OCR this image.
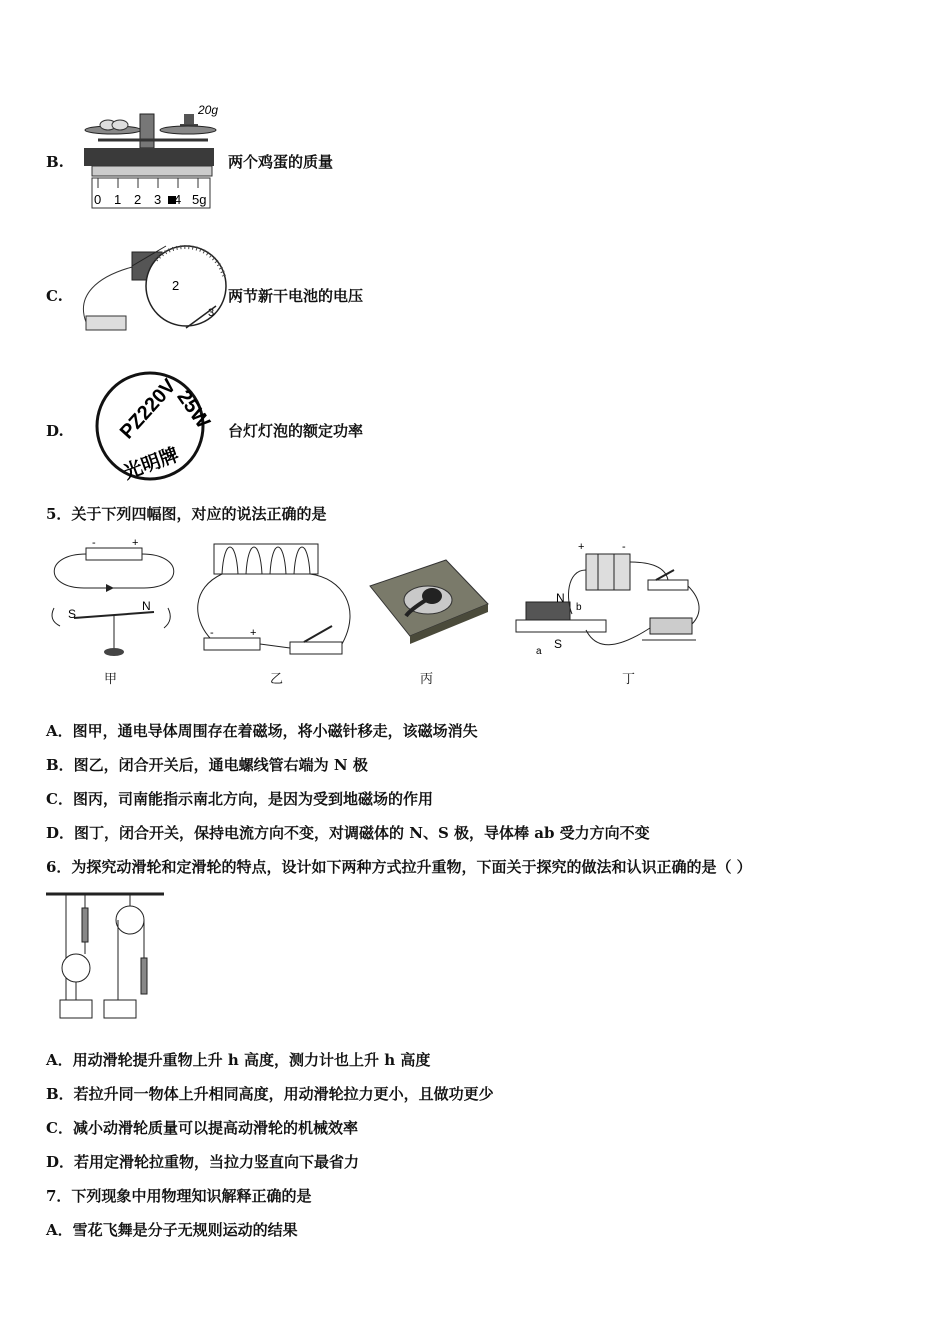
B.
20g
0 1 2 3 4 5g
两个鸡蛋的质量
C.
2
3
两节新干电池的电压
D.	PZ220V
25W
光明牌
台灯灯泡的额定功率
5．关于下列四幅图，对应的说法正确的是
-	+
S
N
甲
-	+
乙	丙
+	-
N
S
a
b
丁
A．图甲，通电导体周围存在着磁场，将小磁针移走，该磁场消失
B．图乙，闭合开关后，通电螺线管右端为 N 极
C．图丙，司南能指示南北方向，是因为受到地磁场的作用
D．图丁，闭合开关，保持电流方向不变，对调磁体的 N、S 极，导体棒 ab 受力方向不变
6．为探究动滑轮和定滑轮的特点，设计如下两种方式拉升重物，下面关于探究的做法和认识正确的是（ ）
A．用动滑轮提升重物上升 h 高度，测力计也上升 h 高度
B．若拉升同一物体上升相同高度，用动滑轮拉力更小，且做功更少
C．减小动滑轮质量可以提高动滑轮的机械效率
D．若用定滑轮拉重物，当拉力竖直向下最省力
7．下列现象中用物理知识解释正确的是
A．雪花飞舞是分子无规则运动的结果
